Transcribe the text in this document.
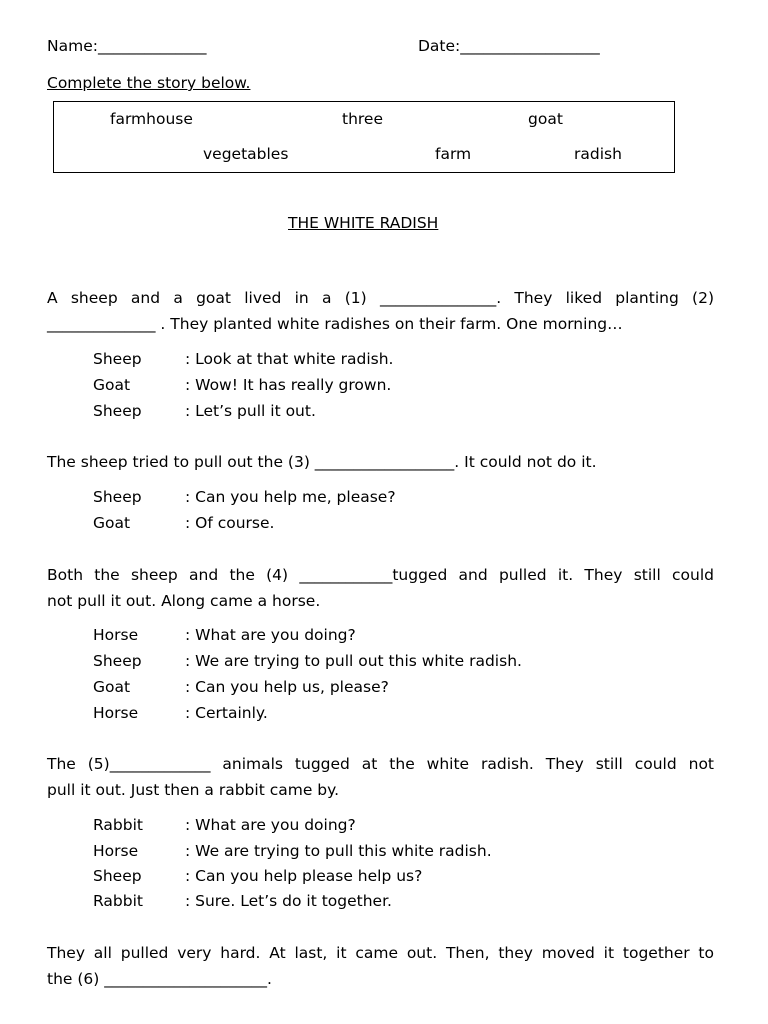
Name:______________	Date:__________________
Complete the story below.
farmhouse	three	goat
vegetables	farm	radish
THE WHITE RADISH
A sheep and a goat lived in a (1) _______________. They liked planting (2)
______________ . They planted white radishes on their farm. One morning…
Sheep	: Look at that white radish.
Goat	: Wow! It has really grown.
Sheep	: Let’s pull it out.
The sheep tried to pull out the (3) __________________. It could not do it.
Sheep	: Can you help me, please?
Goat	: Of course.
Both the sheep and the (4) ____________tugged and pulled it. They still could
not pull it out. Along came a horse.
Horse	: What are you doing?
Sheep	: We are trying to pull out this white radish.
Goat	: Can you help us, please?
Horse	: Certainly.
The (5)_____________ animals tugged at the white radish. They still could not
pull it out. Just then a rabbit came by.
Rabbit	: What are you doing?
Horse	: We are trying to pull this white radish.
Sheep	: Can you help please help us?
Rabbit	: Sure. Let’s do it together.
They all pulled very hard. At last, it came out. Then, they moved it together to
the (6) _____________________.
